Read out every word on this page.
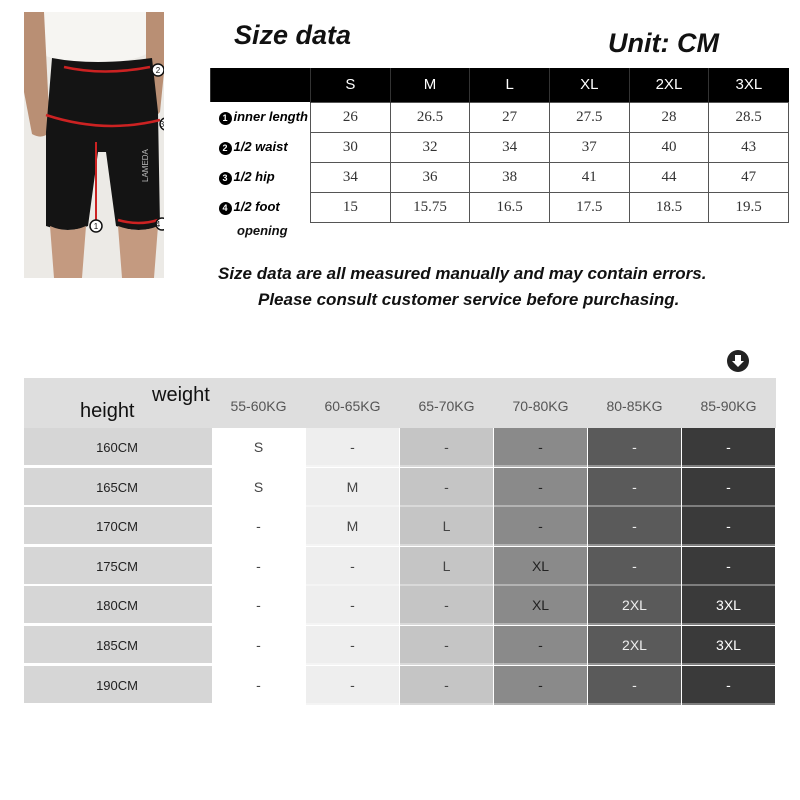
2
3
1	4
LAMEDA
Size data	Unit: CM
	S	M	L	XL	2XL	3XL
1 inner length	26	26.5	27	27.5	28	28.5
2 1/2 waist	30	32	34	37	40	43
3 1/2 hip	34	36	38	41	44	47
4 1/2 foot	15	15.75	16.5	17.5	18.5	19.5
opening
Size data are all measured manually and may contain errors.
Please consult customer service before purchasing.
weight
height	55-60KG	60-65KG	65-70KG	70-80KG	80-85KG	85-90KG
160CM	S	-	-	-	-	-
165CM	S	M	-	-	-	-
170CM	-	M	L	-	-	-
175CM	-	-	L	XL	-	-
180CM	-	-	-	XL	2XL	3XL
185CM	-	-	-	-	2XL	3XL
190CM	-	-	-	-	-	-
